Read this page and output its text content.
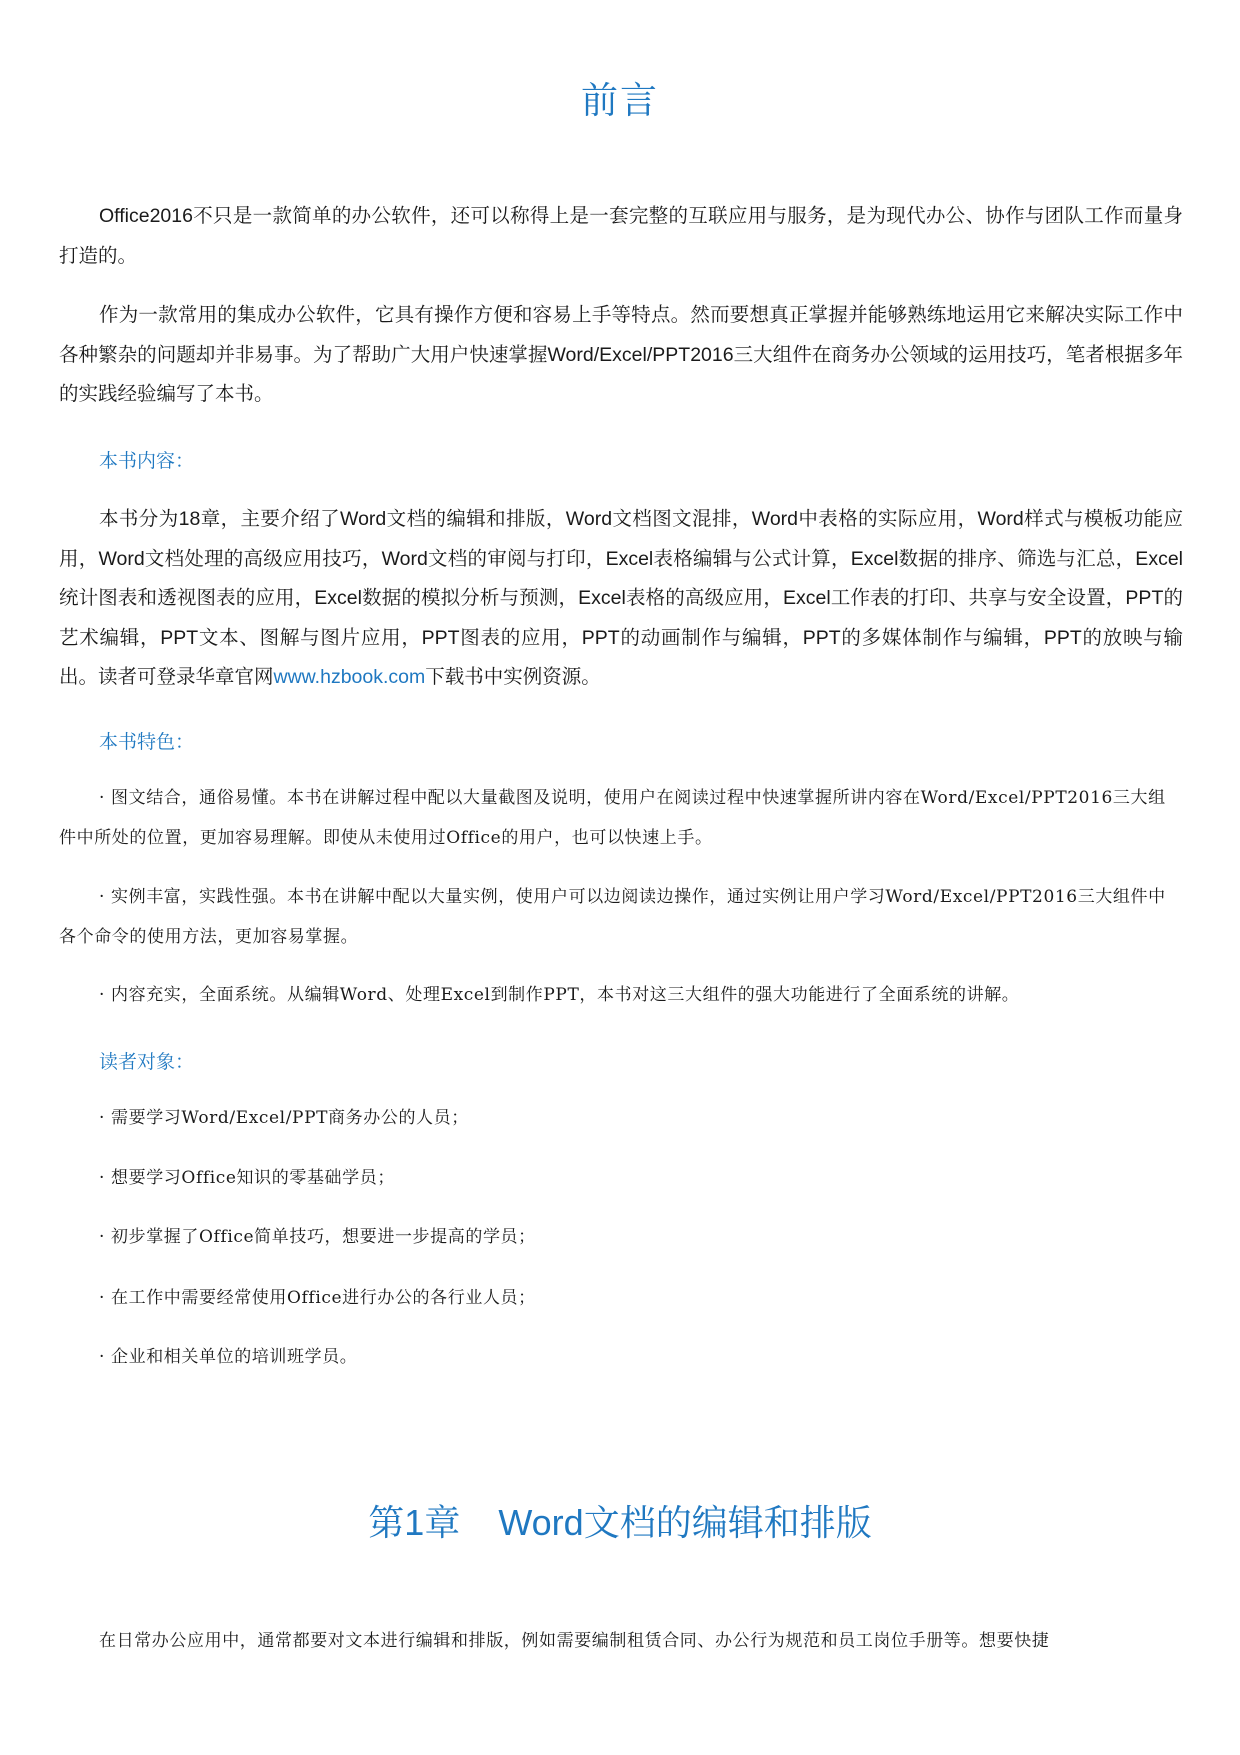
前言

Office2016不只是一款简单的办公软件，还可以称得上是一套完整的互联应用与服务，是为现代办公、协作与团队工作而量身打造的。

作为一款常用的集成办公软件，它具有操作方便和容易上手等特点。然而要想真正掌握并能够熟练地运用它来解决实际工作中各种繁杂的问题却并非易事。为了帮助广大用户快速掌握Word/Excel/PPT2016三大组件在商务办公领域的运用技巧，笔者根据多年的实践经验编写了本书。

本书内容：

本书分为18章，主要介绍了Word文档的编辑和排版，Word文档图文混排，Word中表格的实际应用，Word样式与模板功能应用，Word文档处理的高级应用技巧，Word文档的审阅与打印，Excel表格编辑与公式计算，Excel数据的排序、筛选与汇总，Excel统计图表和透视图表的应用，Excel数据的模拟分析与预测，Excel表格的高级应用，Excel工作表的打印、共享与安全设置，PPT的艺术编辑，PPT文本、图解与图片应用，PPT图表的应用，PPT的动画制作与编辑，PPT的多媒体制作与编辑，PPT的放映与输出。读者可登录华章官网www.hzbook.com下载书中实例资源。

本书特色：

· 图文结合，通俗易懂。本书在讲解过程中配以大量截图及说明，使用户在阅读过程中快速掌握所讲内容在Word/Excel/PPT2016三大组件中所处的位置，更加容易理解。即使从未使用过Office的用户，也可以快速上手。

· 实例丰富，实践性强。本书在讲解中配以大量实例，使用户可以边阅读边操作，通过实例让用户学习Word/Excel/PPT2016三大组件中各个命令的使用方法，更加容易掌握。

· 内容充实，全面系统。从编辑Word、处理Excel到制作PPT，本书对这三大组件的强大功能进行了全面系统的讲解。

读者对象：

· 需要学习Word/Excel/PPT商务办公的人员；

· 想要学习Office知识的零基础学员；

· 初步掌握了Office简单技巧，想要进一步提高的学员；

· 在工作中需要经常使用Office进行办公的各行业人员；

· 企业和相关单位的培训班学员。

第1章 Word文档的编辑和排版

在日常办公应用中，通常都要对文本进行编辑和排版，例如需要编制租赁合同、办公行为规范和员工岗位手册等。想要快捷
